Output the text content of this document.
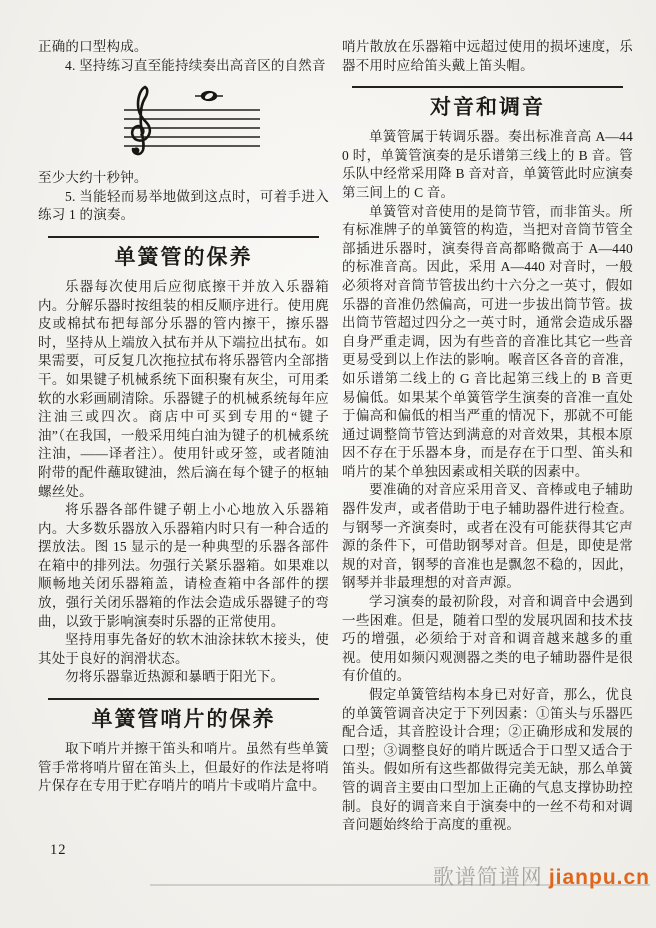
正确的口型构成。

4. 坚持练习直至能持续奏出高音区的自然音

至少大约十秒钟。

5. 当能轻而易举地做到这点时，可着手进入练习 1 的演奏。

单簧管的保养

乐器每次使用后应彻底擦干并放入乐器箱内。分解乐器时按组装的相反顺序进行。使用麂皮或棉拭布把每部分乐器的管内擦干，擦乐器时，坚持从上端放入拭布并从下端拉出拭布。如果需要，可反复几次拖拉拭布将乐器管内全部揩干。如果键子机械系统下面积聚有灰尘，可用柔软的水彩画刷清除。乐器键子的机械系统每年应注油三或四次。商店中可买到专用的“键子油”（在我国，一般采用纯白油为键子的机械系统注油，——译者注）。使用针或牙签，或者随油附带的配件蘸取键油，然后滴在每个键子的枢轴螺丝处。

将乐器各部件键子朝上小心地放入乐器箱内。大多数乐器放入乐器箱内时只有一种合适的摆放法。图 15 显示的是一种典型的乐器各部件在箱中的排列法。勿强行关紧乐器箱。如果难以顺畅地关闭乐器箱盖，请检查箱中各部件的摆放，强行关闭乐器箱的作法会造成乐器键子的弯曲，以致于影响演奏时乐器的正常使用。

坚持用事先备好的软木油涂抹软木接头，使其处于良好的润滑状态。

勿将乐器靠近热源和暴晒于阳光下。

单簧管哨片的保养

取下哨片并擦干笛头和哨片。虽然有些单簧管手常将哨片留在笛头上，但最好的作法是将哨片保存在专用于贮存哨片的哨片卡或哨片盒中。

哨片散放在乐器箱中远超过使用的损坏速度，乐器不用时应给笛头戴上笛头帽。

对音和调音

单簧管属于转调乐器。奏出标准音高 A—440 时，单簧管演奏的是乐谱第三线上的 B 音。管乐队中经常采用降 B 音对音，单簧管此时应演奏第三间上的 C 音。

单簧管对音使用的是筒节管，而非笛头。所有标准牌子的单簧管的构造，当把对音筒节管全部插进乐器时，演奏得音高都略微高于 A—440 的标准音高。因此，采用 A—440 对音时，一般必须将对音筒节管拔出约十六分之一英寸，假如乐器的音准仍然偏高，可进一步拔出筒节管。拔出筒节管超过四分之一英寸时，通常会造成乐器自身严重走调，因为有些音的音准比其它一些音更易受到以上作法的影响。喉音区各音的音准，如乐谱第二线上的 G 音比起第三线上的 B 音更易偏低。如果某个单簧管学生演奏的音准一直处于偏高和偏低的相当严重的情况下，那就不可能通过调整筒节管达到满意的对音效果，其根本原因不存在于乐器本身，而是存在于口型、笛头和哨片的某个单独因素或相关联的因素中。

要准确的对音应采用音叉、音棒或电子辅助器件发声，或者借助于电子辅助器件进行检查。与钢琴一齐演奏时，或者在没有可能获得其它声源的条件下，可借助钢琴对音。但是，即使是常规的对音，钢琴的音准也是飘忽不稳的，因此，钢琴并非最理想的对音声源。

学习演奏的最初阶段，对音和调音中会遇到一些困难。但是，随着口型的发展巩固和技术技巧的增强，必须给于对音和调音越来越多的重视。使用如频闪观测器之类的电子辅助器件是很有价值的。

假定单簧管结构本身已对好音，那么，优良的单簧管调音决定于下列因素：①笛头与乐器匹配合适，其音腔设计合理；②正确形成和发展的口型；③调整良好的哨片既适合于口型又适合于笛头。假如所有这些都做得完美无缺，那么单簧管的调音主要由口型加上正确的气息支撑协助控制。良好的调音来自于演奏中的一丝不苟和对调音问题始终给于高度的重视。

12
歌谱简谱网 jianpu.cn
